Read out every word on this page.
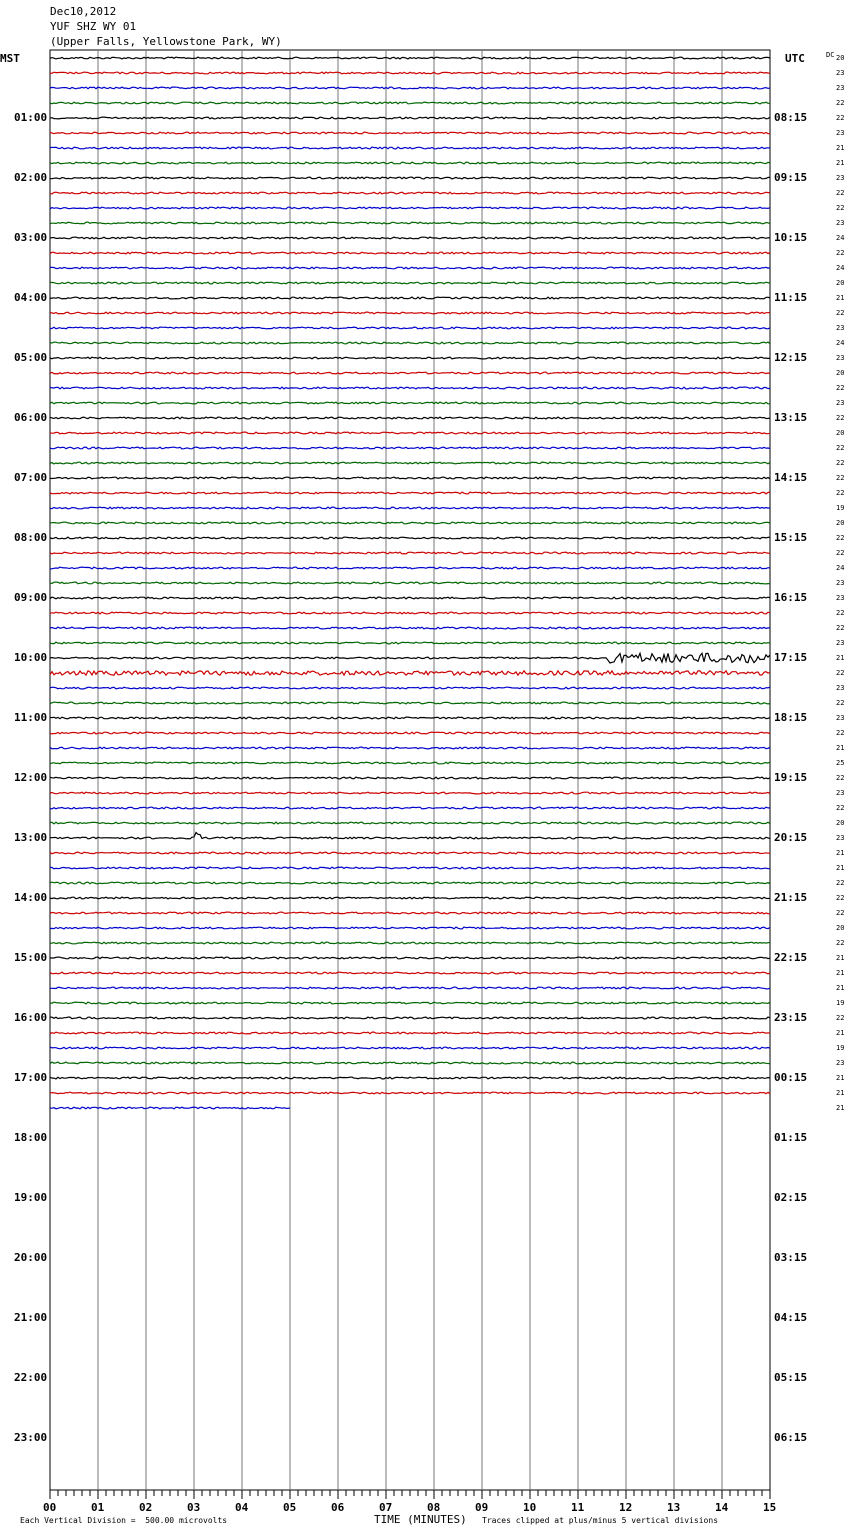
Dec10,2012
YUF SHZ WY 01
(Upper Falls, Yellowstone Park, WY)
MST	UTC	DC
00	01	02	03	04	05	06	07	08	09	10	11	12	13	14	15
01:00
02:00
03:00
04:00
05:00
06:00
07:00
08:00
09:00
10:00
11:00
12:00
13:00
14:00
15:00
16:00
17:00
18:00
19:00
20:00
21:00
22:00
23:00
08:15
09:15
10:15
11:15
12:15
13:15
14:15
15:15
16:15
17:15
18:15
19:15
20:15
21:15
22:15
23:15
00:15
01:15
02:15
03:15
04:15
05:15
06:15
20
23
23
22
22
23
21
21
23
22
22
23
24
22
24
20
21
22
23
24
23
20
22
23
22
20
22
22
22
22
19
20
22
22
24
23
23
22
22
23
21
22
23
22
23
22
21
25
22
23
22
20
23
21
21
22
22
22
20
22
21
21
21
19
22
21
19
23
21
21
21
Each Vertical Division =  500.00 microvolts	TIME (MINUTES) Traces clipped at plus/minus 5 vertical divisions
